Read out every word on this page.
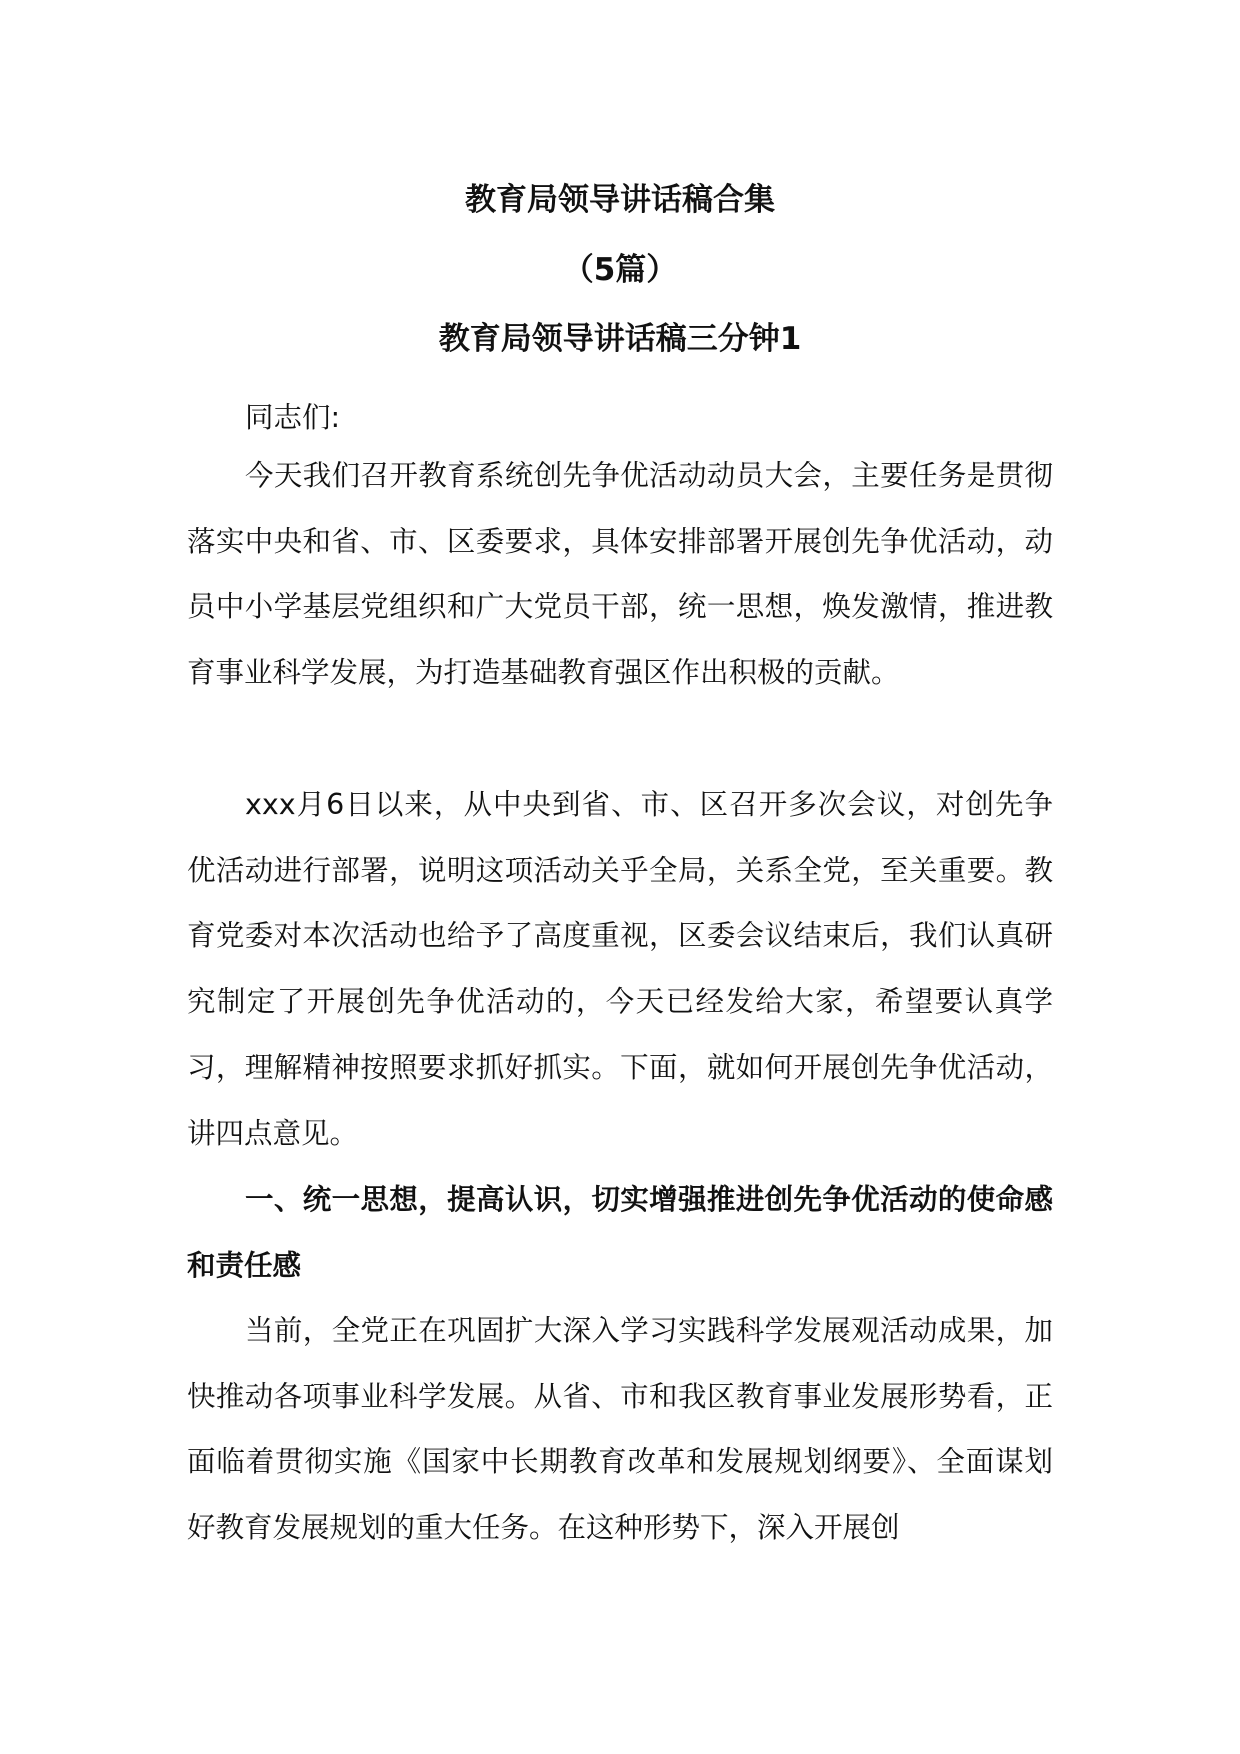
教育局领导讲话稿合集
（5篇）
教育局领导讲话稿三分钟1

同志们:

今天我们召开教育系统创先争优活动动员大会，主要任务是贯彻落实中央和省、市、区委要求，具体安排部署开展创先争优活动，动员中小学基层党组织和广大党员干部，统一思想，焕发激情，推进教育事业科学发展，为打造基础教育强区作出积极的贡献。

xxx月6日以来，从中央到省、市、区召开多次会议，对创先争优活动进行部署，说明这项活动关乎全局，关系全党，至关重要。教育党委对本次活动也给予了高度重视，区委会议结束后，我们认真研究制定了开展创先争优活动的，今天已经发给大家，希望要认真学习，理解精神按照要求抓好抓实。下面，就如何开展创先争优活动，讲四点意见。

一、统一思想，提高认识，切实增强推进创先争优活动的使命感和责任感

当前，全党正在巩固扩大深入学习实践科学发展观活动成果，加快推动各项事业科学发展。从省、市和我区教育事业发展形势看，正面临着贯彻实施《国家中长期教育改革和发展规划纲要》、全面谋划好教育发展规划的重大任务。在这种形势下，深入开展创
